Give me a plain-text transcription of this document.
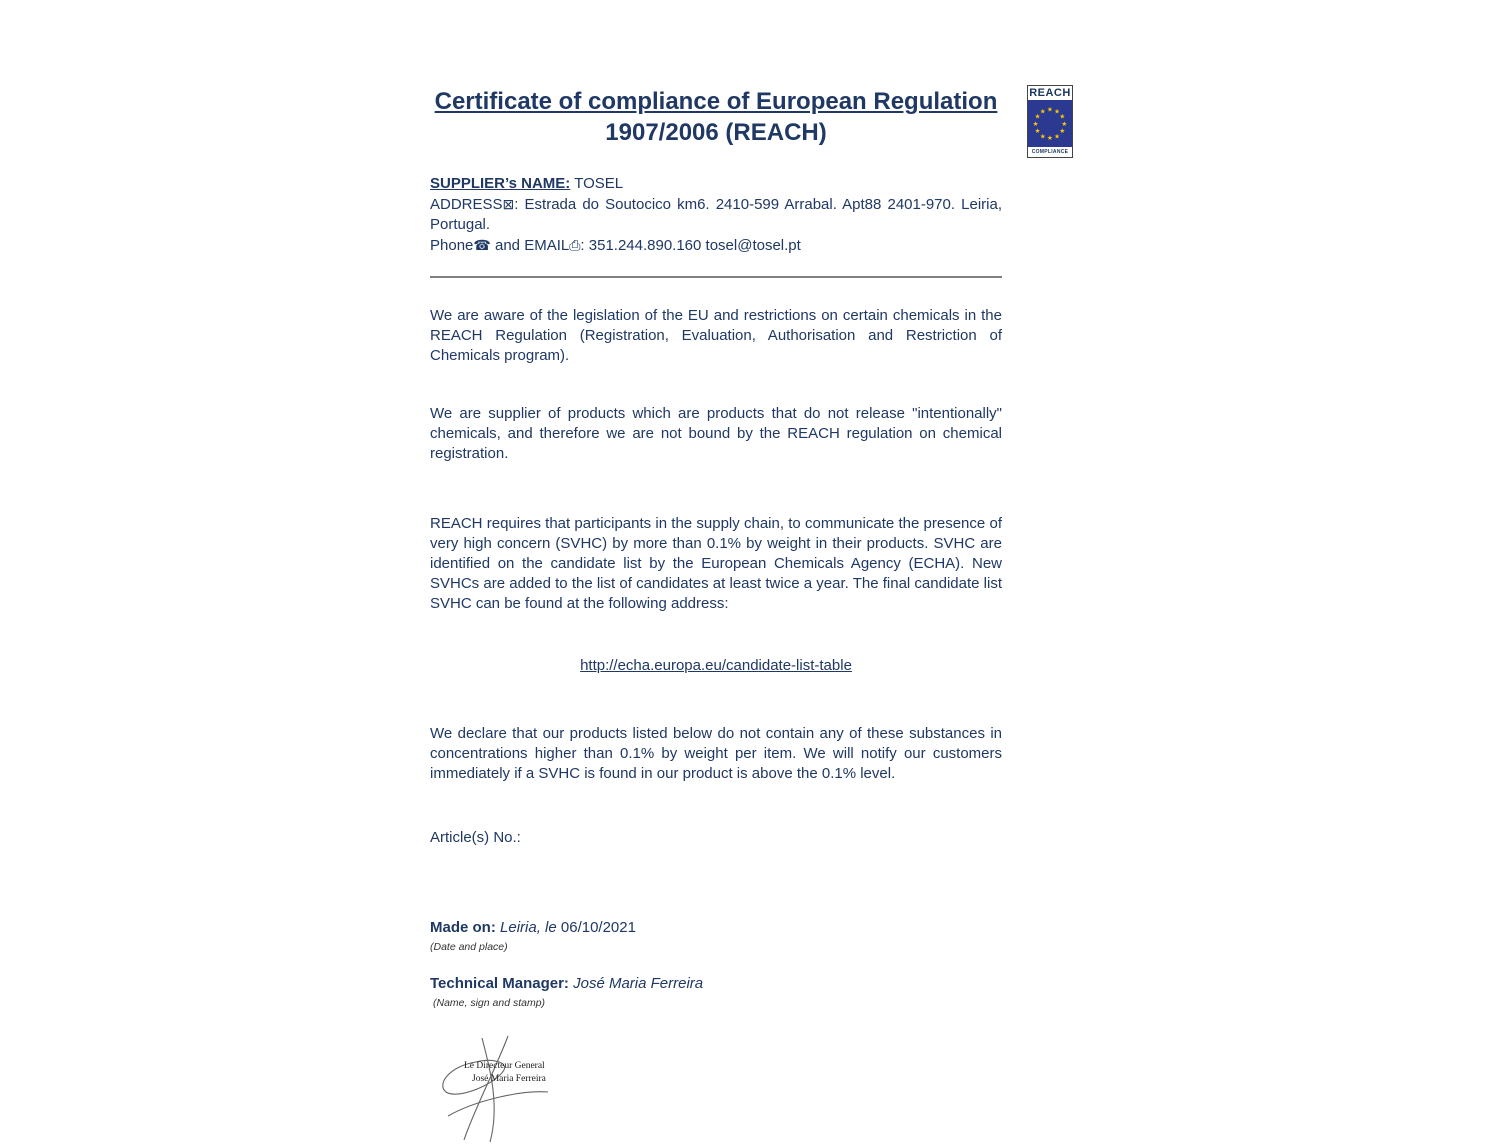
REACH
★ ★
★
★
★
★
★
★
★
★
★
★
COMPLIANCE
Certificate of compliance of European Regulation
1907/2006 (REACH)

SUPPLIER’s NAME: TOSEL

ADDRESS⊠: Estrada do Soutocico km6. 2410-599 Arrabal. Apt88 2401-970. Leiria, Portugal.

Phone☎ and EMAIL⎙: 351.244.890.160 tosel@tosel.pt

We are aware of the legislation of the EU and restrictions on certain chemicals in the REACH Regulation (Registration, Evaluation, Authorisation and Restriction of Chemicals program).

We are supplier of products which are products that do not release "intentionally" chemicals, and therefore we are not bound by the REACH regulation on chemical registration.

REACH requires that participants in the supply chain, to communicate the presence of very high concern (SVHC) by more than 0.1% by weight in their products. SVHC are identified on the candidate list by the European Chemicals Agency (ECHA). New SVHCs are added to the list of candidates at least twice a year. The final candidate list SVHC can be found at the following address:

http://echa.europa.eu/candidate-list-table

We declare that our products listed below do not contain any of these substances in concentrations higher than 0.1% by weight per item. We will notify our customers immediately if a SVHC is found in our product is above the 0.1% level.

Article(s) No.:

Made on: Leiria, le 06/10/2021

(Date and place)

Technical Manager: José Maria Ferreira

(Name, sign and stamp)

Le Directeur General
José Maria Ferreira
